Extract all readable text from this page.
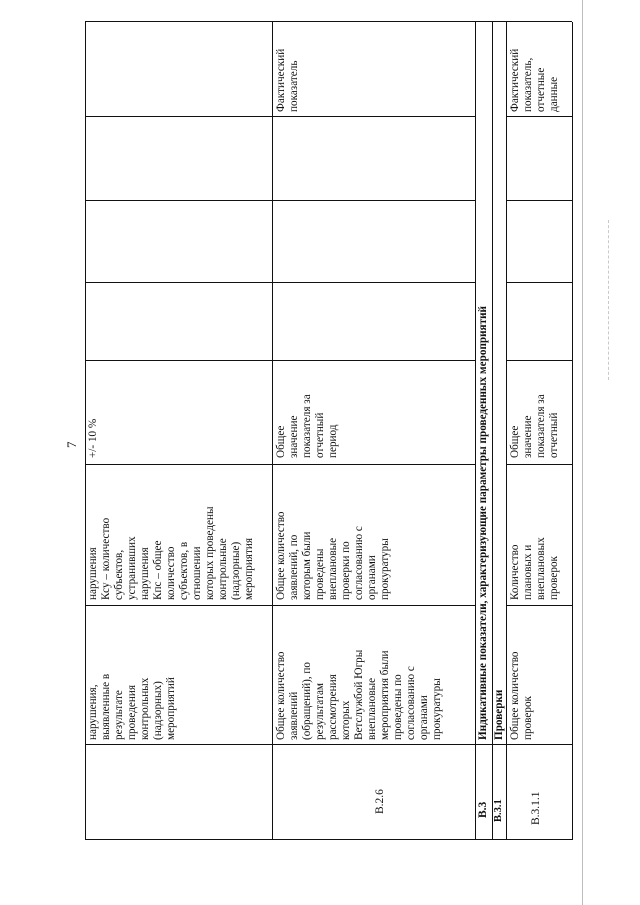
7
нарушения,
выявленные в
результате
проведения
контрольных
(надзорных)
мероприятий
нарушения
Ксу – количество
субъектов,
устранивших
нарушения
Кпс – общее
количество
субъектов, в
отношении
которых проведены
контрольные
(надзорные)
мероприятия
+/- 10 %
В.2.6
Общее количество
заявлений
(обращений), по
результатам
рассмотрения
которых
Ветслужбой Югры
внеплановые
мероприятия были
проведены по
согласованию с
органами
прокуратуры
Общее количество
заявлений, по
которым были
проведены
внеплановые
проверки по
согласованию с
органами
прокуратуры
Общее
значение
показателя за
отчетный
период
Фактический
показатель
В.3
Индикативные показатели, характеризующие параметры проведенных мероприятий
В.3.1
Проверки
В.3.1.1
Общее количество
проверок
Количество
плановых и
внеплановых
проверок
Общее
значение
показателя за
отчетный
Фактический
показатель,
отчетные
данные
